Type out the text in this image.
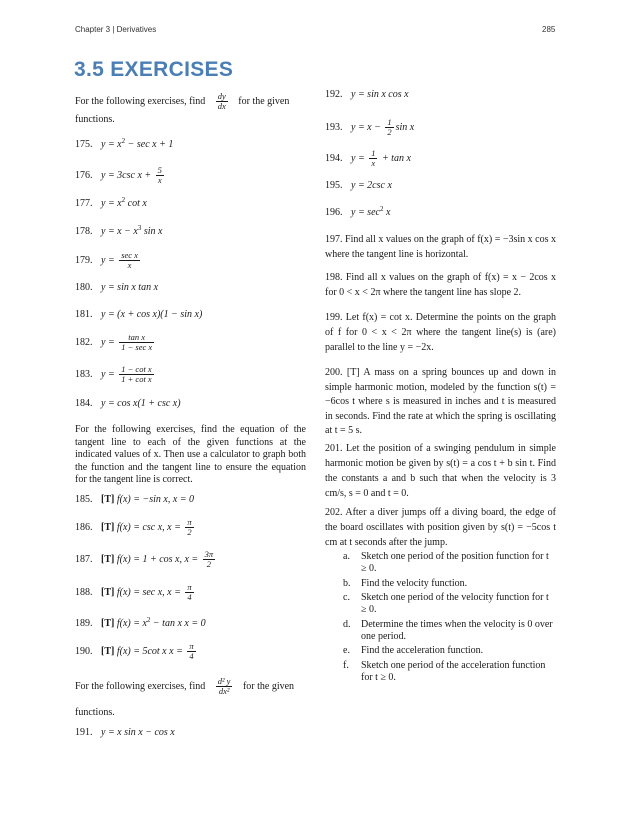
Chapter 3 | Derivatives	285
3.5 EXERCISES
For the following exercises, find $\frac{dy}{dx}$ for the given
functions.
175. $y = x^2 - \sec x + 1$
176. y = 3csc $x + \frac{5}{x}$
177. $y = x^2$ cot x
178. $y = x - x^3$ sin x
179. y = sec x
x
180. y = sin x tan x
181. y = (x + cos x)(1 − sin x)
182. y =	tan x
1 − sec x
183. $y = \frac{\text{1 − cot x}}{\text{1 + cot x}}$
184. y = cos x(1 + csc x)
For the following exercises, find the equation of the tangent line to each of the given functions at the indicated values of x. Then use a calculator to graph both the function and the tangent line to ensure the equation for the tangent line is correct.
185. [T] f(x) = −sin x, x = 0
186. [T] f(x) = csc x, $x = \frac{\pi}{2}$
187. [T] f(x) = 1 + cos x, $x = \frac{3\pi}{2}$
188. [T] f(x) = sec x, $x = \frac{\pi}{4}$
189. [T] $f(x) = x^2 - \tan x$ x = 0
190. [T] f(x) = 5cot x $x = \frac{\pi}{4}$
For the following exercises, find $\frac{\text{d² y}}{\text{dx²}}$ for the given
functions.
191. y = x sin x − cos x
192. y = sin x cos x
193. $y = x - \frac{1}{2}$ sin x
194. $y = \frac{1}{x} + \tan x$
195. y = 2csc x
196. $y = \sec^2 x$
197. Find all x values on the graph of f(x) = −3sin x cos x where the tangent line is horizontal.
198. Find all x values on the graph of f(x) = x − 2cos x for 0 < x < 2π where the tangent line has slope 2.
199. Let f(x) = cot x. Determine the points on the graph of f for 0 < x < 2π where the tangent line(s) is (are) parallel to the line y = −2x.
200. [T] A mass on a spring bounces up and down in simple harmonic motion, modeled by the function s(t) = −6cos t where s is measured in inches and t is measured in seconds. Find the rate at which the spring is oscillating at t = 5 s.
201. Let the position of a swinging pendulum in simple harmonic motion be given by s(t) = a cos t + b sin t. Find the constants a and b such that when the velocity is 3 cm/s, s = 0 and t = 0.
202. After a diver jumps off a diving board, the edge of the board oscillates with position given by s(t) = −5cos t cm at t seconds after the jump.
a. Sketch one period of the position function for t ≥ 0.
b. Find the velocity function.
c. Sketch one period of the velocity function for t ≥ 0.
d. Determine the times when the velocity is 0 over one period.
e. Find the acceleration function.
f. Sketch one period of the acceleration function for t ≥ 0.
